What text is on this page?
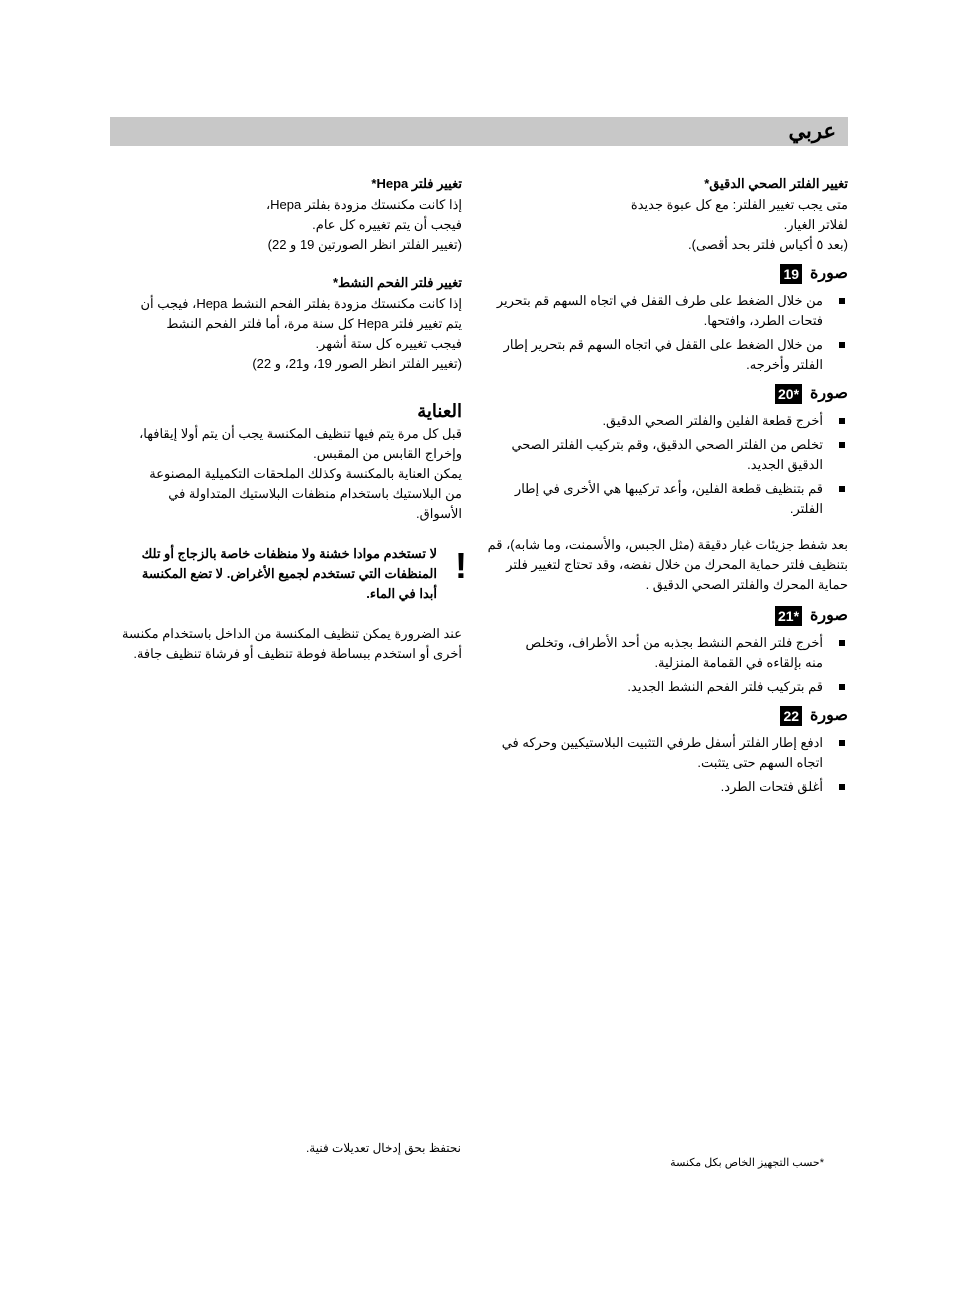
عربي
تغيير الفلتر الصحي الدقيق*

متى يجب تغيير الفلتر: مع كل عبوة جديدة

لفلاتر الغيار.

(بعد ٥ أكياس فلتر بحد أقصى).

صورة
19
من خلال الضغط على طرف القفل في اتجاه السهم قم بتحرير فتحات الطرد، وافتحها.
من خلال الضغط على القفل في اتجاه السهم قم بتحرير إطار الفلتر وأخرجه.
صورة
20*
أخرج قطعة الفلين والفلتر الصحي الدقيق.
تخلص من الفلتر الصحي الدقيق، وقم بتركيب الفلتر الصحي الدقيق الجديد.
قم بتنظيف قطعة الفلين، وأعد تركيبها هي الأخرى في إطار الفلتر.

بعد شفط جزيئات غبار دقيقة (مثل الجبس، والأسمنت، وما شابه)، قم بتنظيف فلتر حماية المحرك من خلال نفضه، وقد تحتاج لتغيير فلتر حماية المحرك والفلتر الصحي الدقيق .

صورة
21*
أخرج فلتر الفحم النشط بجذبه من أحد الأطراف، وتخلص منه بإلقاءه في القمامة المنزلية.
قم بتركيب فلتر الفحم النشط الجديد.
صورة
22
ادفع إطار الفلتر أسفل طرفي التثبيت البلاستيكيين وحركه في اتجاه السهم حتى يتثبت.
أغلق فتحات الطرد.
تغيير فلتر Hepa*

إذا كانت مكنستك مزودة بفلتر Hepa،

فيجب أن يتم تغييره كل عام.

(تغيير الفلتر انظر الصورتين 19 و 22)

تغيير فلتر الفحم النشط*

إذا كانت مكنستك مزودة بفلتر الفحم النشط Hepa، فيجب أن

يتم تغيير فلتر Hepa كل سنة مرة، أما فلتر الفحم النشط

فيجب تغييره كل ستة أشهر.

(تغيير الفلتر انظر الصور 19، و21، و 22)

العناية

قبل كل مرة يتم فيها تنظيف المكنسة يجب أن يتم أولا إيقافها،

وإخراج القابس من المقبس.

يمكن العناية بالمكنسة وكذلك الملحقات التكميلية المصنوعة

من البلاستيك باستخدام منظفات البلاستيك المتداولة في

الأسواق.

!

لا تستخدم موادا خشنة ولا منظفات خاصة بالزجاج أو تلك المنظفات التي تستخدم لجميع الأغراض. لا تضع المكنسة أبدا في الماء.

عند الضرورة يمكن تنظيف المكنسة من الداخل باستخدام مكنسة أخرى أو استخدم ببساطة فوطة تنظيف أو فرشاة تنظيف جافة.

نحتفظ بحق إدخال تعديلات فنية.
*حسب التجهيز الخاص بكل مكنسة
